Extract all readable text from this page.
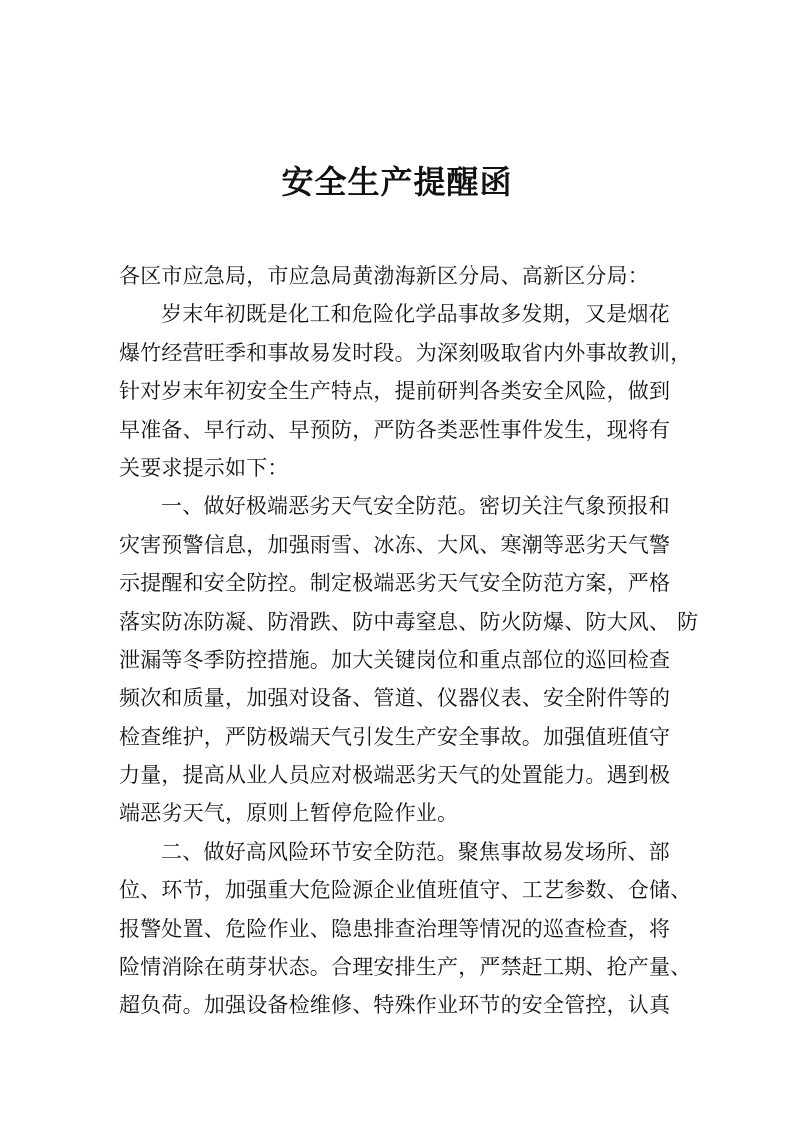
安全生产提醒函
各区市应急局，市应急局黄渤海新区分局、高新区分局：
岁末年初既是化工和危险化学品事故多发期，又是烟花
爆竹经营旺季和事故易发时段。为深刻吸取省内外事故教训，
针对岁末年初安全生产特点，提前研判各类安全风险，做到
早准备、早行动、早预防，严防各类恶性事件发生，现将有
关要求提示如下：
一、做好极端恶劣天气安全防范。密切关注气象预报和
灾害预警信息，加强雨雪、冰冻、大风、寒潮等恶劣天气警
示提醒和安全防控。制定极端恶劣天气安全防范方案，严格
落实防冻防凝、防滑跌、防中毒窒息、防火防爆、防大风、 防
泄漏等冬季防控措施。加大关键岗位和重点部位的巡回检查
频次和质量，加强对设备、管道、仪器仪表、安全附件等的
检查维护，严防极端天气引发生产安全事故。加强值班值守
力量，提高从业人员应对极端恶劣天气的处置能力。遇到极
端恶劣天气，原则上暂停危险作业。
二、做好高风险环节安全防范。聚焦事故易发场所、部
位、环节，加强重大危险源企业值班值守、工艺参数、仓储、
报警处置、危险作业、隐患排查治理等情况的巡查检查，将
险情消除在萌芽状态。合理安排生产，严禁赶工期、抢产量、
超负荷。加强设备检维修、特殊作业环节的安全管控，认真
